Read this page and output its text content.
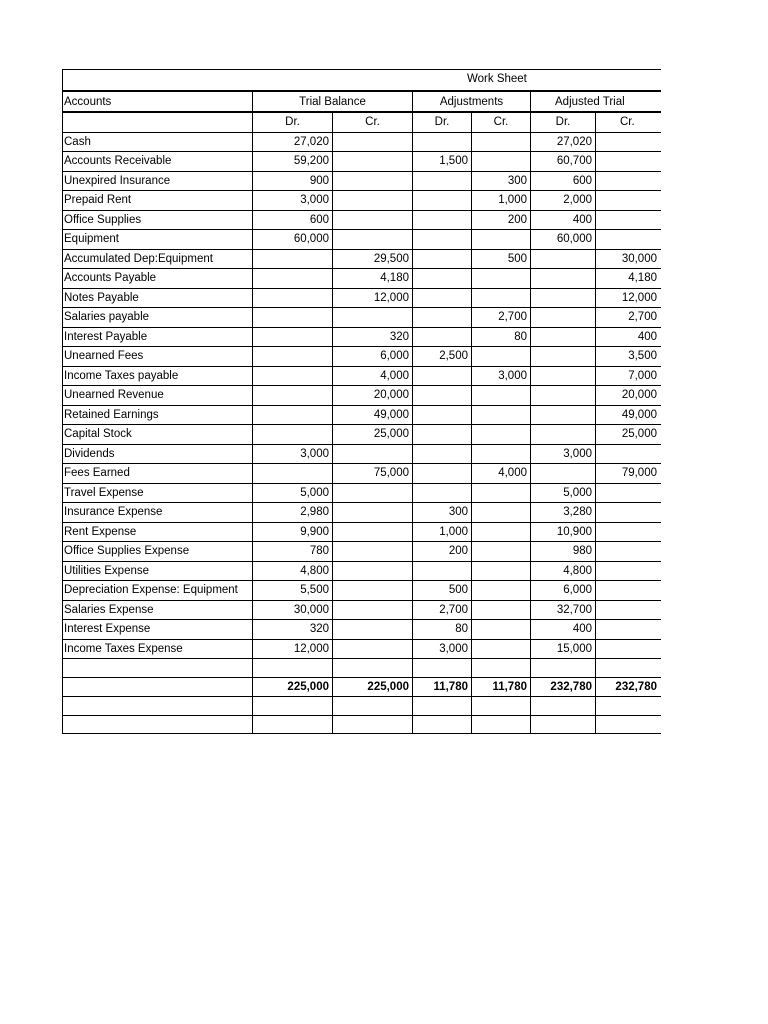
Work Sheet
Accounts	Trial Balance		Adjustments		Adjusted Trial	
	Dr.	Cr.	Dr.	Cr.	Dr.	Cr.
Cash	27,020				27,020	
Accounts Receivable	59,200		1,500		60,700	
Unexpired Insurance	900			300	600	
Prepaid Rent	3,000			1,000	2,000	
Office Supplies	600			200	400	
Equipment	60,000				60,000	
Accumulated Dep:Equipment		29,500		500		30,000
Accounts Payable		4,180				4,180
Notes Payable		12,000				12,000
Salaries payable				2,700		2,700
Interest Payable		320		80		400
Unearned Fees		6,000	2,500			3,500
Income Taxes payable		4,000		3,000		7,000
Unearned Revenue		20,000				20,000
Retained Earnings		49,000				49,000
Capital Stock		25,000				25,000
Dividends	3,000				3,000	
Fees Earned		75,000		4,000		79,000
Travel Expense	5,000				5,000	
Insurance Expense	2,980		300		3,280	
Rent Expense	9,900		1,000		10,900	
Office Supplies Expense	780		200		980	
Utilities Expense	4,800				4,800	
Depreciation Expense: Equipment	5,500		500		6,000	
Salaries Expense	30,000		2,700		32,700	
Interest Expense	320		80		400	
Income Taxes Expense	12,000		3,000		15,000	

	225,000	225,000	11,780	11,780	232,780	232,780
